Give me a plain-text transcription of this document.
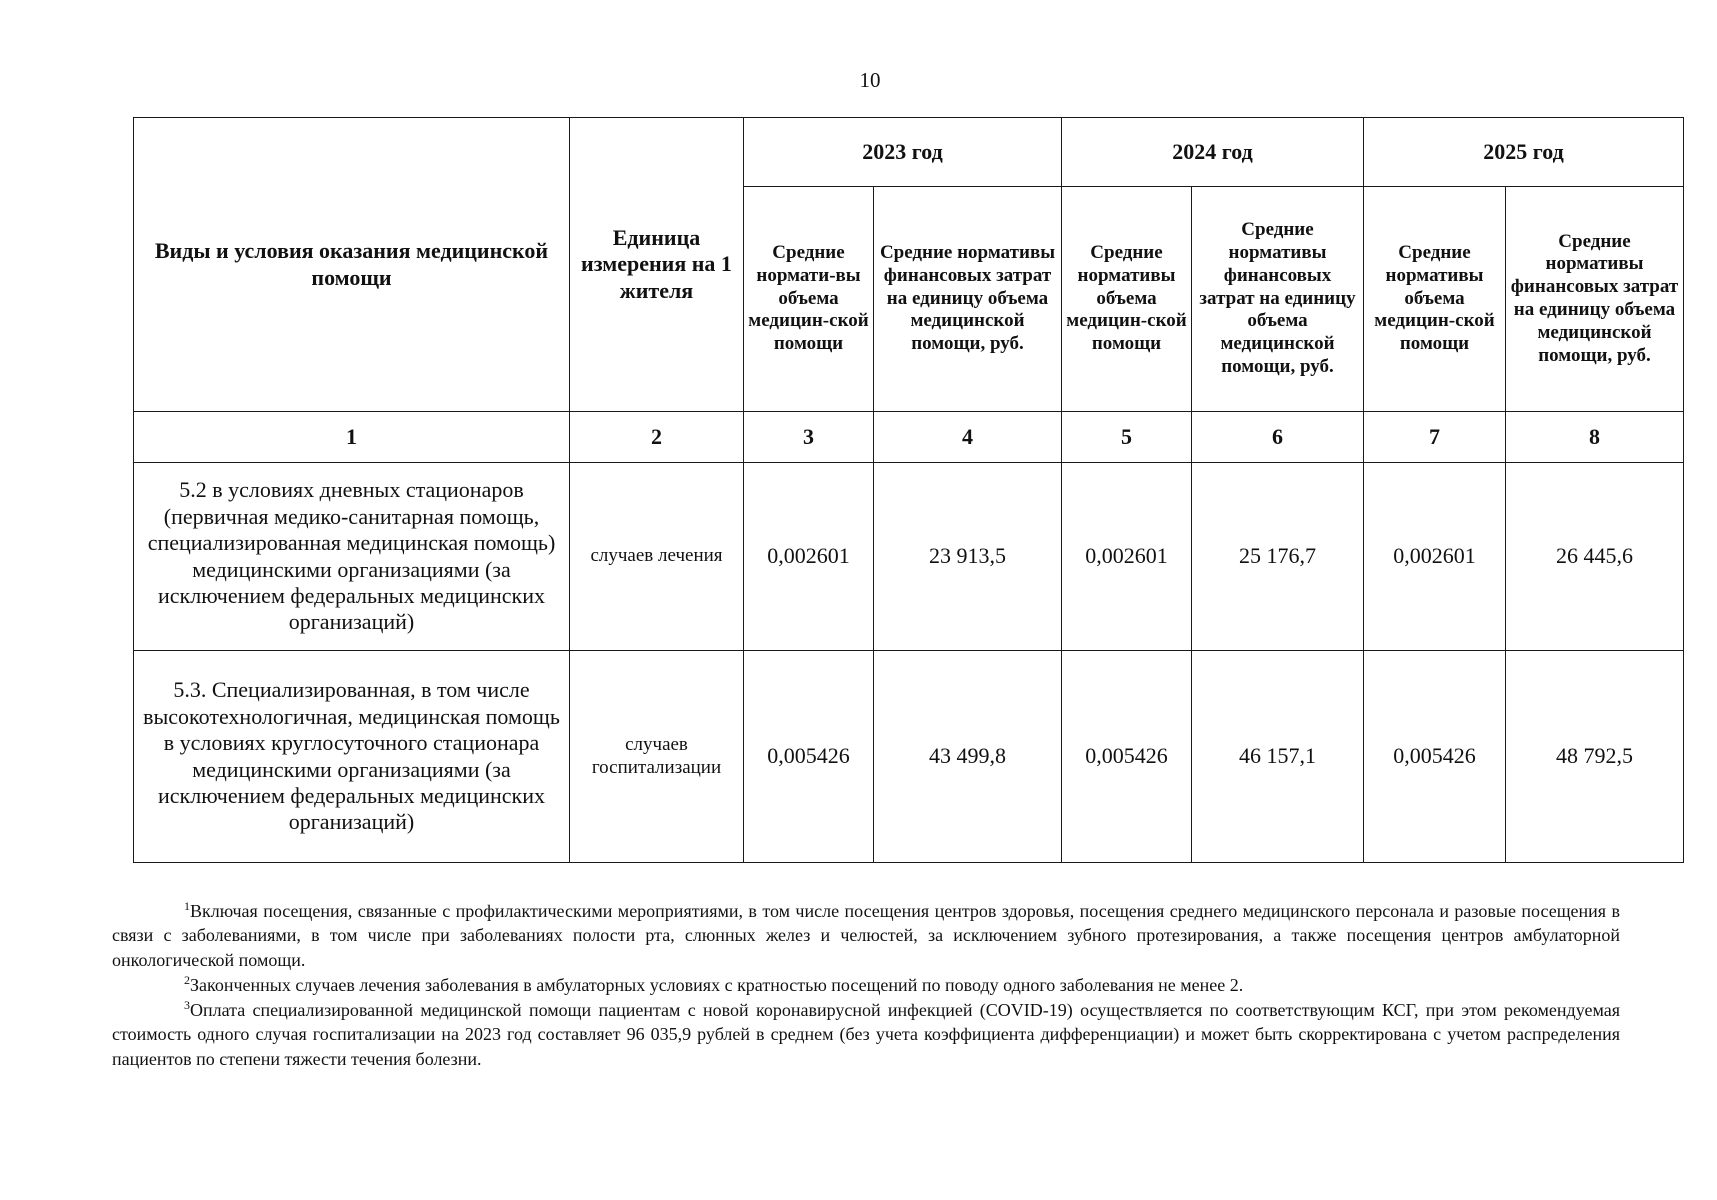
10
Виды и условия оказания медицинской помощи	Единица измерения на 1 жителя	2023 год		2024 год		2025 год	
		Средние нормати-вы объема медицин-ской помощи	Средние нормативы финансовых затрат на единицу объема медицинской помощи, руб.	Средние нормативы объема медицин-ской помощи	Средние нормативы финансовых затрат на единицу объема медицинской помощи, руб.	Средние нормативы объема медицин-ской помощи	Средние нормативы финансовых затрат на единицу объема медицинской помощи, руб.
1	2	3	4	5	6	7	8
5.2 в условиях дневных стационаров (первичная медико-санитарная помощь, специализированная медицинская помощь) медицинскими организациями (за исключением федеральных медицинских организаций)	случаев лечения	0,002601	23 913,5	0,002601	25 176,7	0,002601	26 445,6
5.3. Специализированная, в том числе высокотехнологичная, медицинская помощь в условиях круглосуточного стационара медицинскими организациями (за исключением федеральных медицинских организаций)	случаев госпитализации	0,005426	43 499,8	0,005426	46 157,1	0,005426	48 792,5

$^1$Включая посещения, связанные с профилактическими мероприятиями, в том числе посещения центров здоровья, посещения среднего медицинского персонала и разовые посещения в связи с заболеваниями, в том числе при заболеваниях полости рта, слюнных желез и челюстей, за исключением зубного протезирования, а также посещения центров амбулаторной онкологической помощи.

$^2$Законченных случаев лечения заболевания в амбулаторных условиях с кратностью посещений по поводу одного заболевания не менее 2.

$^3$Оплата специализированной медицинской помощи пациентам с новой коронавирусной инфекцией (COVID-19) осуществляется по соответствующим КСГ, при этом рекомендуемая стоимость одного случая госпитализации на 2023 год составляет 96 035,9 рублей в среднем (без учета коэффициента дифференциации) и может быть скорректирована с учетом распределения пациентов по степени тяжести течения болезни.
